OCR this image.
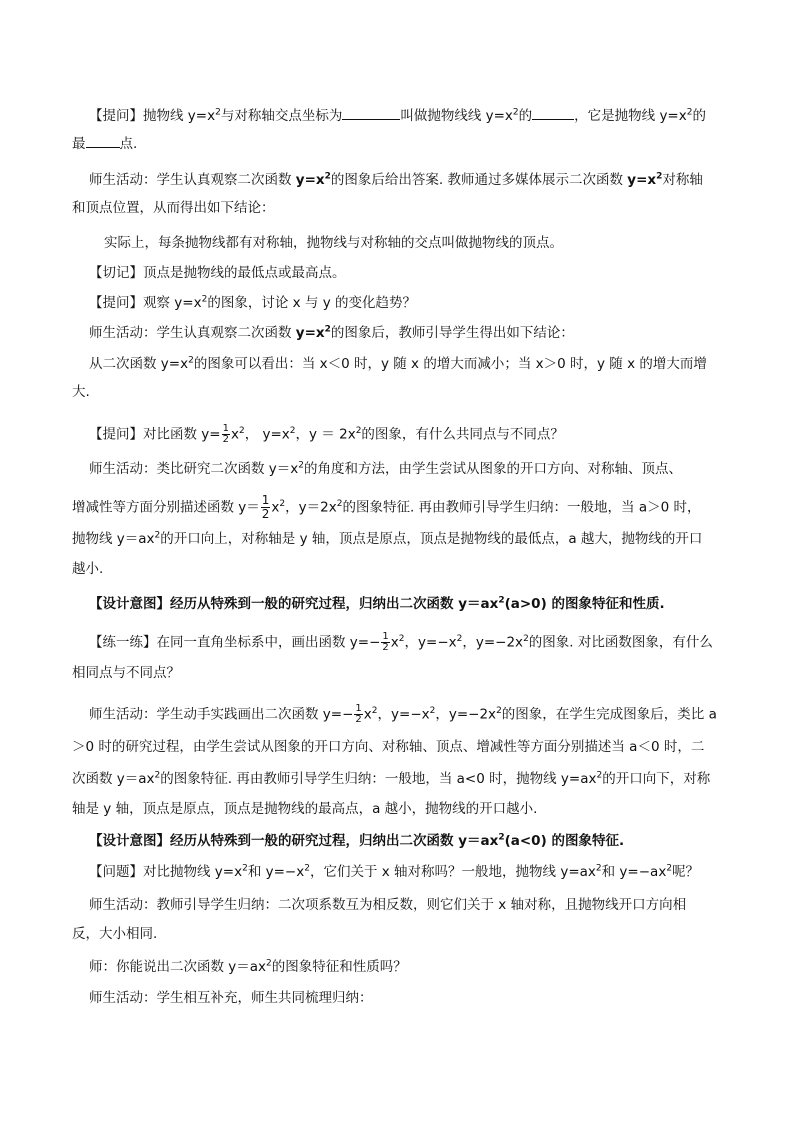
【提问】抛物线 $y=x^2$与对称轴交点坐标为	叫做抛物线线 $y=x^2$的	，它是抛物线 $y=x^2$的
最	点.
师生活动：学生认真观察二次函数 $y=x^2$的图象后给出答案. 教师通过多媒体展示二次函数 $y=x^2$对称轴
和顶点位置，从而得出如下结论：
实际上，每条抛物线都有对称轴，抛物线与对称轴的交点叫做抛物线的顶点。
【切记】顶点是抛物线的最低点或最高点。
【提问】观察 $y=x^2$的图象，讨论 x 与 y 的变化趋势？
师生活动：学生认真观察二次函数 $y=x^2$的图象后，教师引导学生得出如下结论：
从二次函数 $y=x^2$的图象可以看出：当 x＜0 时，y 随 x 的增大而减小；当 x＞0 时，y 随 x 的增大而增
大.
【提问】对比函数 $y= \frac{1}{2} x^2$， $y=x^2$，$y = 2x^2$的图象，有什么共同点与不同点？
师生活动：类比研究二次函数 $y=x^2$的角度和方法，由学生尝试从图象的开口方向、对称轴、顶点、
增减性等方面分别描述函数 $y= \frac{1}{2} x^2$，$y=2x^2$的图象特征. 再由教师引导学生归纳：一般地，当 a＞0 时，
抛物线 $y=ax^2$的开口向上，对称轴是 y 轴，顶点是原点，顶点是抛物线的最低点，a 越大，抛物线的开口
越小.
【设计意图】经历从特殊到一般的研究过程，归纳出二次函数 $y=ax^2(a>0)$ 的图象特征和性质.
【练一练】在同一直角坐标系中，画出函数 $y=- \frac{1}{2} x^2$，$y=-x^2$，$y=-2x^2$的图象. 对比函数图象，有什么
相同点与不同点？
师生活动：学生动手实践画出二次函数 $y=- \frac{1}{2} x^2$，$y=-x^2$，$y=-2x^2$的图象，在学生完成图象后，类比 a
＞0 时的研究过程，由学生尝试从图象的开口方向、对称轴、顶点、增减性等方面分别描述当 a＜0 时，二
次函数 $y=ax^2$的图象特征. 再由教师引导学生归纳：一般地，当 a<0 时，抛物线 $y=ax^2$的开口向下，对称
轴是 y 轴，顶点是原点，顶点是抛物线的最高点，a 越小，抛物线的开口越小.
【设计意图】经历从特殊到一般的研究过程，归纳出二次函数 $y=ax^2(a<0)$ 的图象特征.
【问题】对比抛物线 $y=x^2$和 $y=-x^2$，它们关于 x 轴对称吗？一般地，抛物线 $y=ax^2$和 $y=-ax^2$呢？
师生活动：教师引导学生归纳：二次项系数互为相反数，则它们关于 x 轴对称，且抛物线开口方向相
反，大小相同.
师：你能说出二次函数 $y=ax^2$的图象特征和性质吗？
师生活动：学生相互补充，师生共同梳理归纳：
